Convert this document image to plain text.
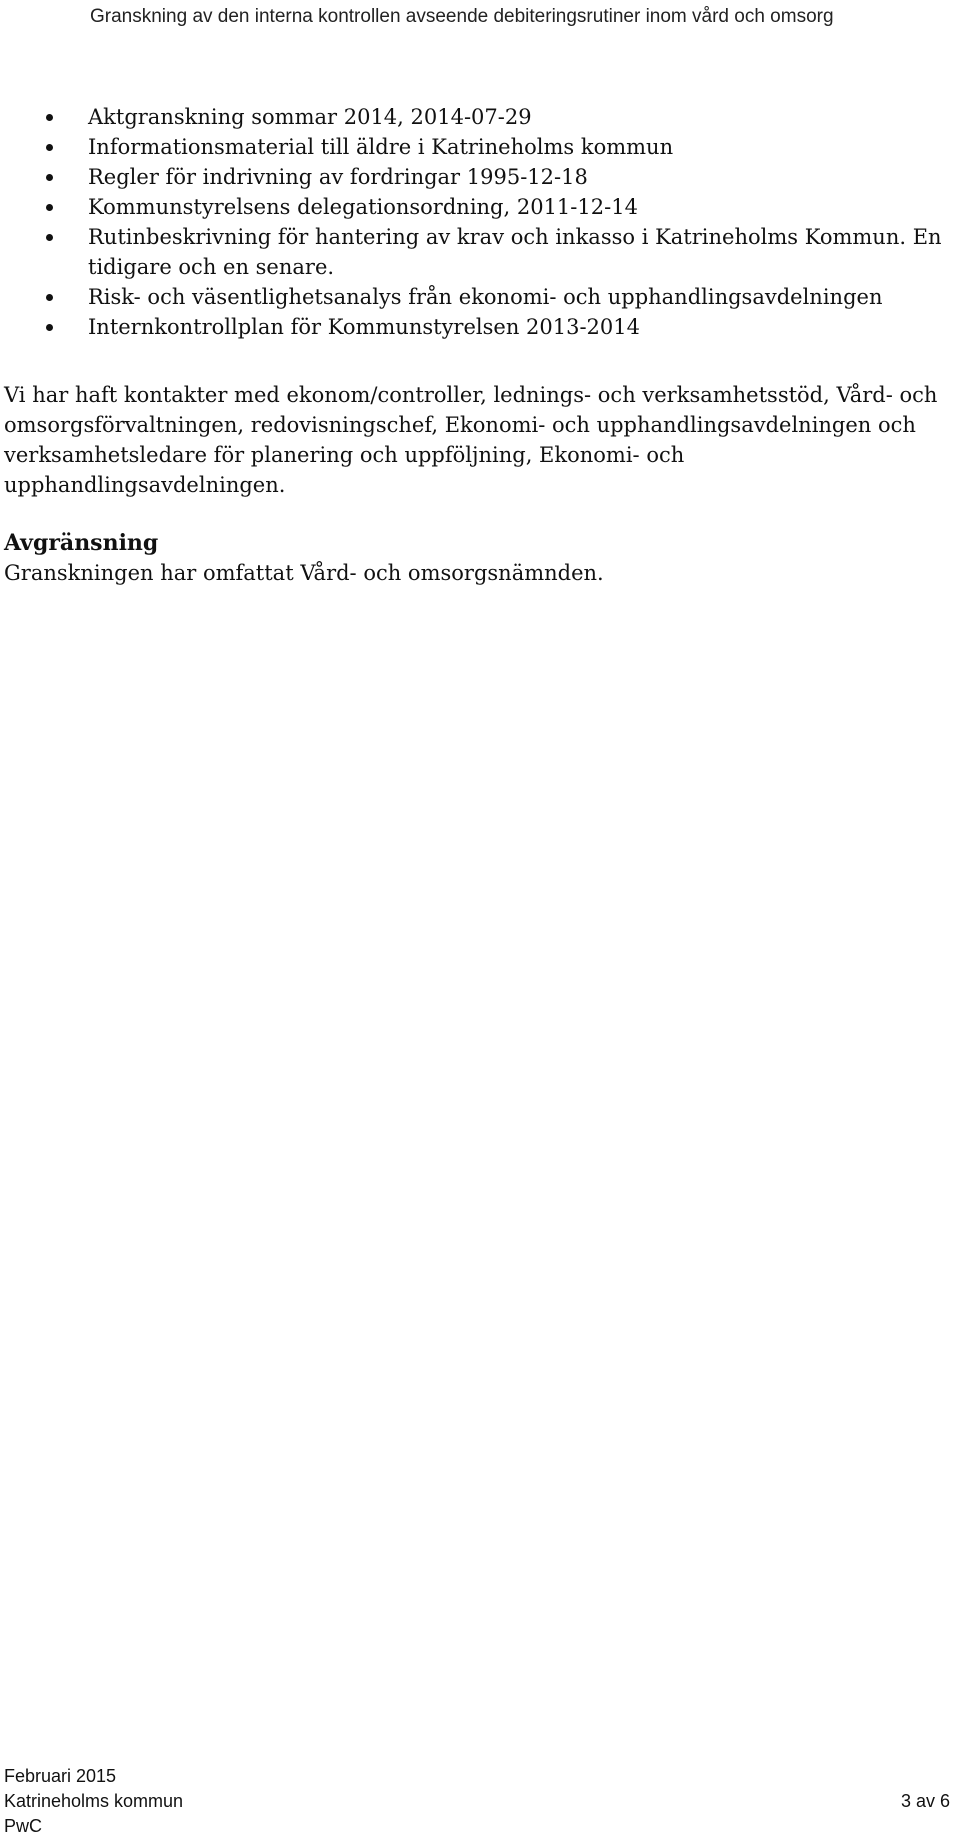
Granskning av den interna kontrollen avseende debiteringsrutiner inom vård och omsorg
Aktgranskning sommar 2014, 2014-07-29
Informationsmaterial till äldre i Katrineholms kommun
Regler för indrivning av fordringar 1995-12-18
Kommunstyrelsens delegationsordning, 2011-12-14
Rutinbeskrivning för hantering av krav och inkasso i Katrineholms Kommun. En tidigare och en senare.
Risk- och väsentlighetsanalys från ekonomi- och upphandlingsavdelningen
Internkontrollplan för Kommunstyrelsen 2013-2014

Vi har haft kontakter med ekonom/controller, lednings- och verksamhetsstöd, Vård- och omsorgsförvaltningen, redovisningschef, Ekonomi- och upphandlingsavdelningen och verksamhetsledare för planering och uppföljning, Ekonomi- och upphandlingsavdelningen.

Avgränsning

Granskningen har omfattat Vård- och omsorgsnämnden.

Februari 2015
Katrineholms kommun	3 av 6
PwC
